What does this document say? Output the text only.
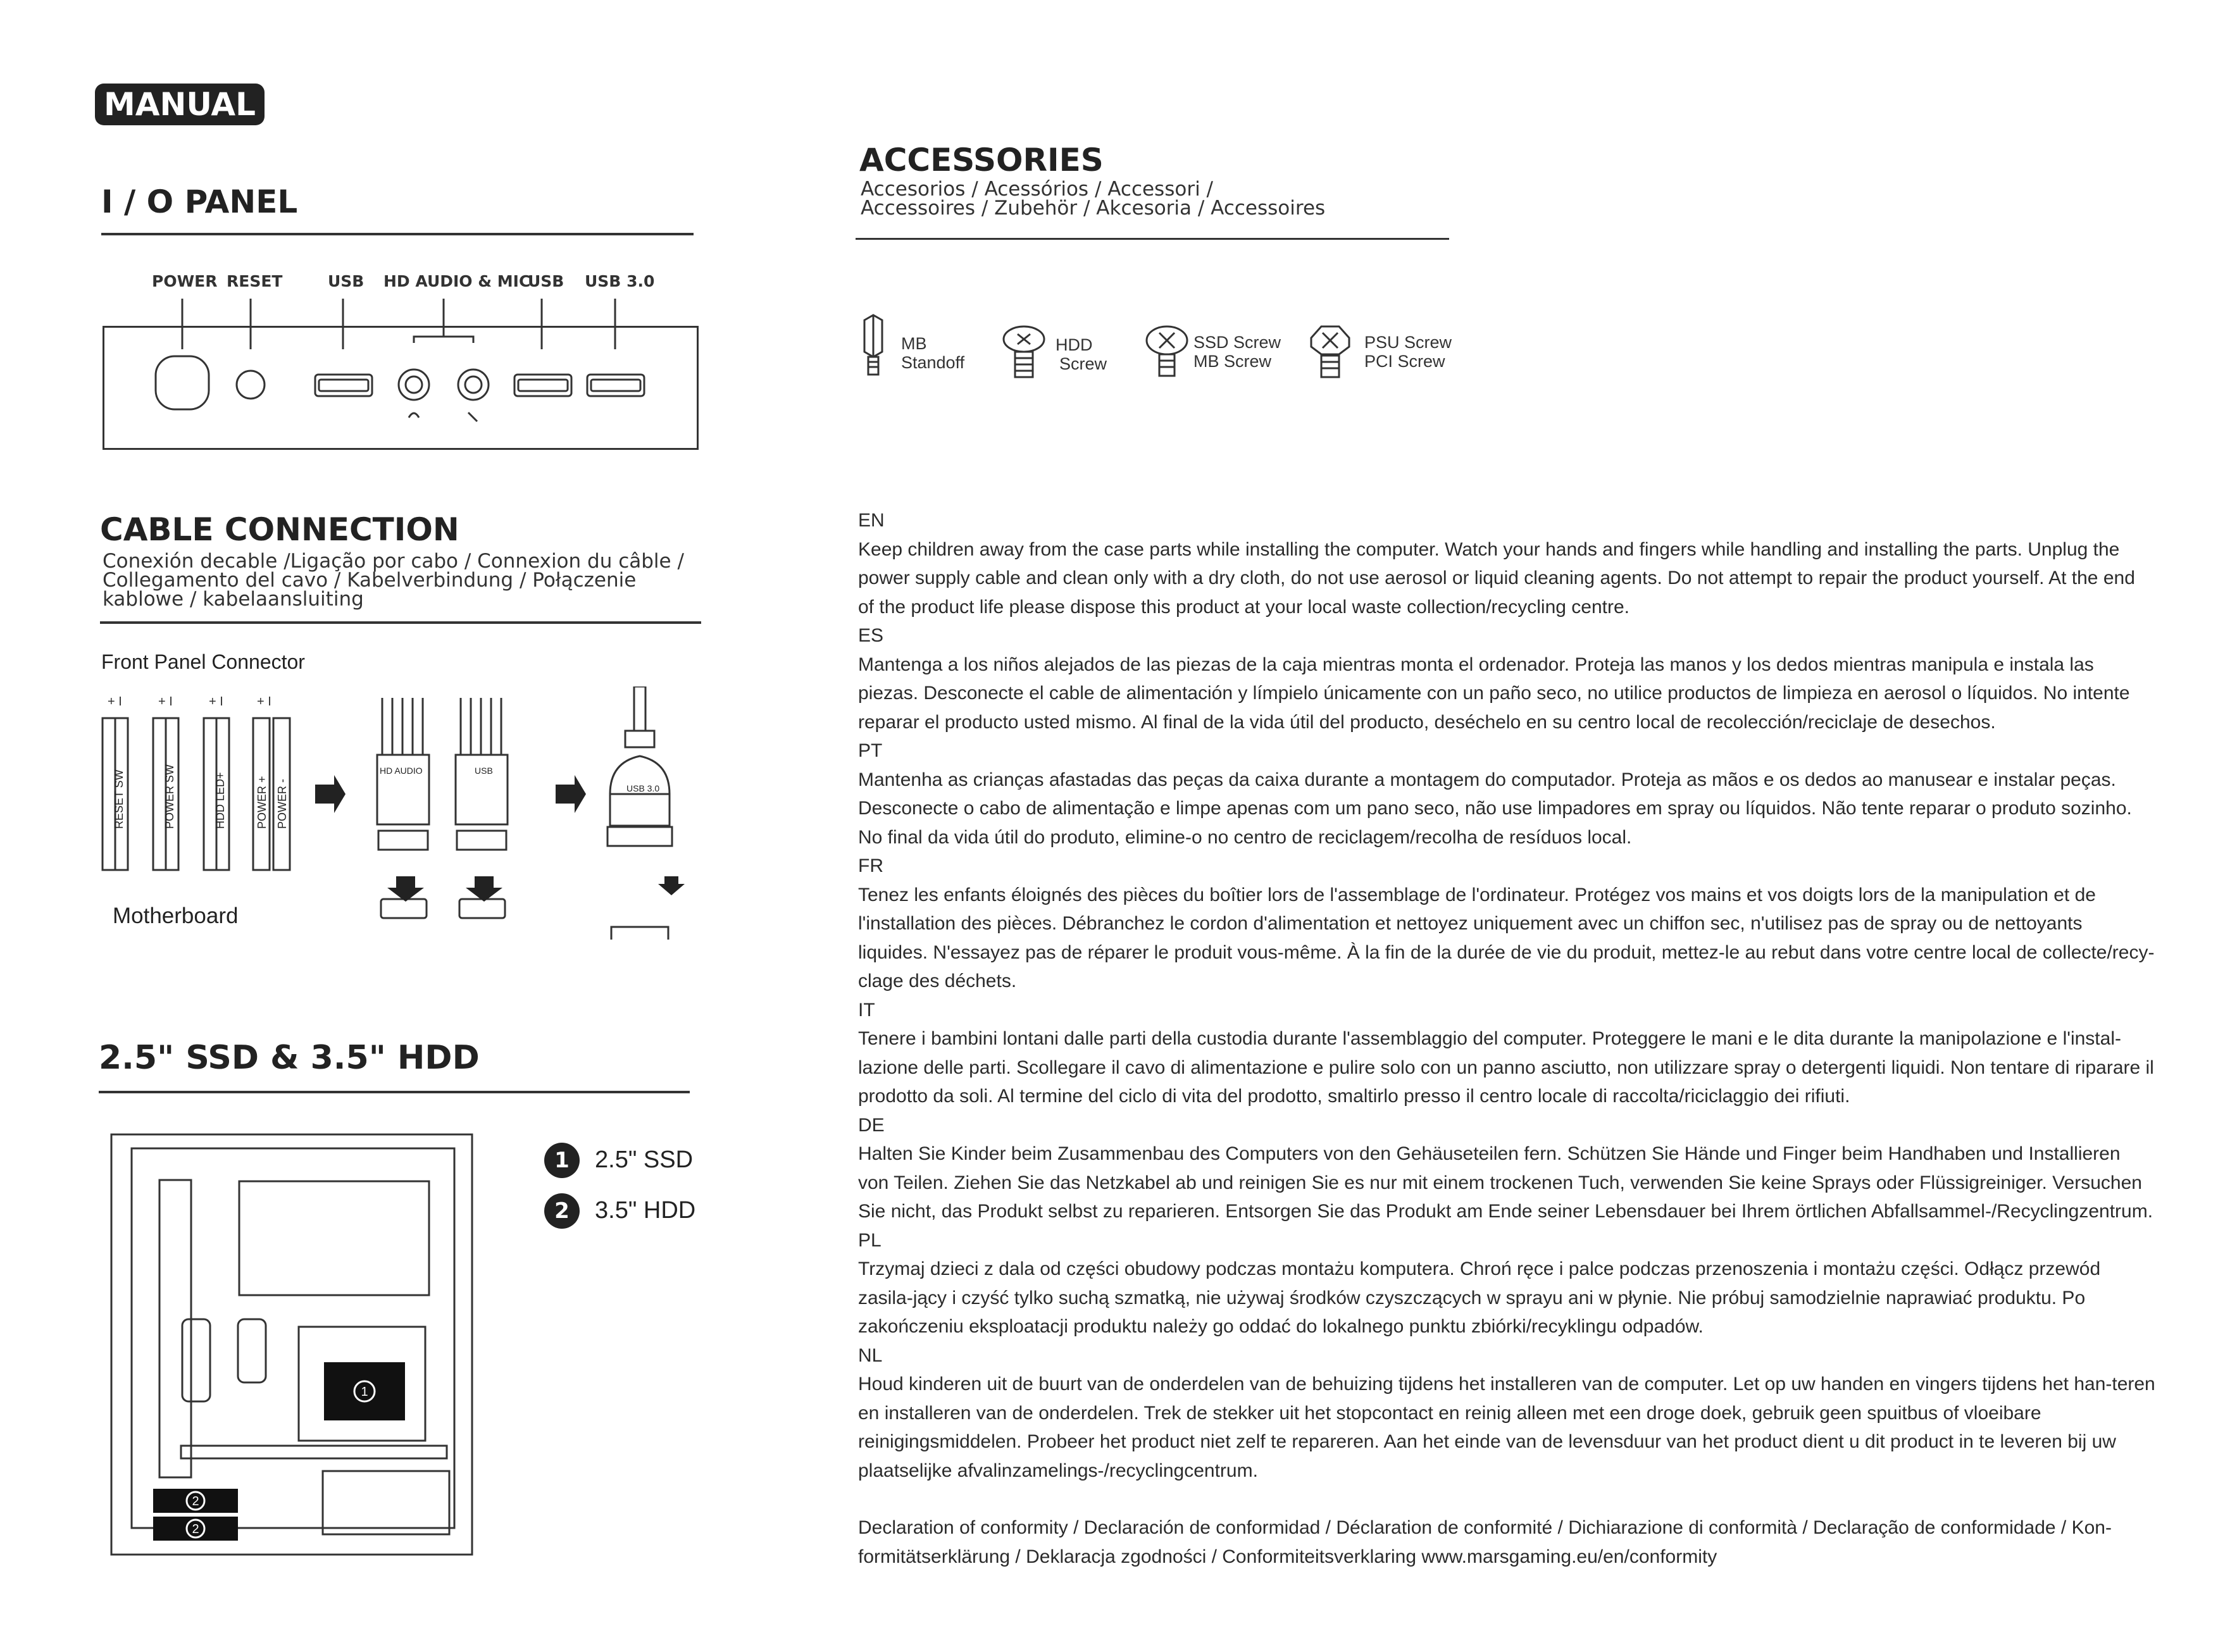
MANUAL
I / O PANEL
POWER RESET	USB HD AUDIO & MIC
USB USB 3.0
CABLE CONNECTION
Conexión decable /Ligação por cabo / Connexion du câble /
Collegamento del cavo / Kabelverbindung / Połączenie
kablowe / kabelaansluiting
Front Panel Connector
Motherboard
+ I	+ I	+ I	+ I
RESET SW	POWER SW	HDD LED+	POWER + POWER -
HD AUDIO	USB
USB 3.0
2.5" SSD & 3.5" HDD
1
2
2
1	2.5" SSD
2	3.5" HDD
ACCESSORIES
Accesorios / Acessórios / Accessori /
Accessoires / Zubehör / Akcesoria / Accessoires
MB
Standoff
HDD
Screw
SSD Screw
MB Screw
PSU Screw
PCI Screw

EN

Keep children away from the case parts while installing the computer. Watch your hands and fingers while handling and installing the parts. Unplug the power supply cable and clean only with a dry cloth, do not use aerosol or liquid cleaning agents. Do not attempt to repair the product yourself. At the end of the product life please dispose this product at your local waste collection/recycling centre.

ES

Mantenga a los niños alejados de las piezas de la caja mientras monta el ordenador. Proteja las manos y los dedos mientras manipula e instala las piezas. Desconecte el cable de alimentación y límpielo únicamente con un paño seco, no utilice productos de limpieza en aerosol o líquidos. No intente reparar el producto usted mismo. Al final de la vida útil del producto, deséchelo en su centro local de recolección/reciclaje de desechos.

PT

Mantenha as crianças afastadas das peças da caixa durante a montagem do computador. Proteja as mãos e os dedos ao manusear e instalar peças. Desconecte o cabo de alimentação e limpe apenas com um pano seco, não use limpadores em spray ou líquidos. Não tente reparar o produto sozinho. No final da vida útil do produto, elimine-o no centro de reciclagem/recolha de resíduos local.

FR

Tenez les enfants éloignés des pièces du boîtier lors de l'assemblage de l'ordinateur. Protégez vos mains et vos doigts lors de la manipulation et de l'installation des pièces. Débranchez le cordon d'alimentation et nettoyez uniquement avec un chiffon sec, n'utilisez pas de spray ou de nettoyants liquides. N'essayez pas de réparer le produit vous-même. À la fin de la durée de vie du produit, mettez-le au rebut dans votre centre local de collecte/recy-clage des déchets.

IT

Tenere i bambini lontani dalle parti della custodia durante l'assemblaggio del computer. Proteggere le mani e le dita durante la manipolazione e l'instal-lazione delle parti. Scollegare il cavo di alimentazione e pulire solo con un panno asciutto, non utilizzare spray o detergenti liquidi. Non tentare di riparare il prodotto da soli. Al termine del ciclo di vita del prodotto, smaltirlo presso il centro locale di raccolta/riciclaggio dei rifiuti.

DE

Halten Sie Kinder beim Zusammenbau des Computers von den Gehäuseteilen fern. Schützen Sie Hände und Finger beim Handhaben und Installieren von Teilen. Ziehen Sie das Netzkabel ab und reinigen Sie es nur mit einem trockenen Tuch, verwenden Sie keine Sprays oder Flüssigreiniger. Versuchen Sie nicht, das Produkt selbst zu reparieren. Entsorgen Sie das Produkt am Ende seiner Lebensdauer bei Ihrem örtlichen Abfallsammel-/Recyclingzentrum.

PL

Trzymaj dzieci z dala od części obudowy podczas montażu komputera. Chroń ręce i palce podczas przenoszenia i montażu części. Odłącz przewód zasila-jący i czyść tylko suchą szmatką, nie używaj środków czyszczących w sprayu ani w płynie. Nie próbuj samodzielnie naprawiać produktu. Po zakończeniu eksploatacji produktu należy go oddać do lokalnego punktu zbiórki/recyklingu odpadów.

NL

Houd kinderen uit de buurt van de onderdelen van de behuizing tijdens het installeren van de computer. Let op uw handen en vingers tijdens het han-teren en installeren van de onderdelen. Trek de stekker uit het stopcontact en reinig alleen met een droge doek, gebruik geen spuitbus of vloeibare reinigingsmiddelen. Probeer het product niet zelf te repareren. Aan het einde van de levensduur van het product dient u dit product in te leveren bij uw plaatselijke afvalinzamelings-/recyclingcentrum.

Declaration of conformity / Declaración de conformidad / Déclaration de conformité / Dichiarazione di conformità / Declaração de conformidade / Kon-formitätserklärung / Deklaracja zgodności / Conformiteitsverklaring www.marsgaming.eu/en/conformity
